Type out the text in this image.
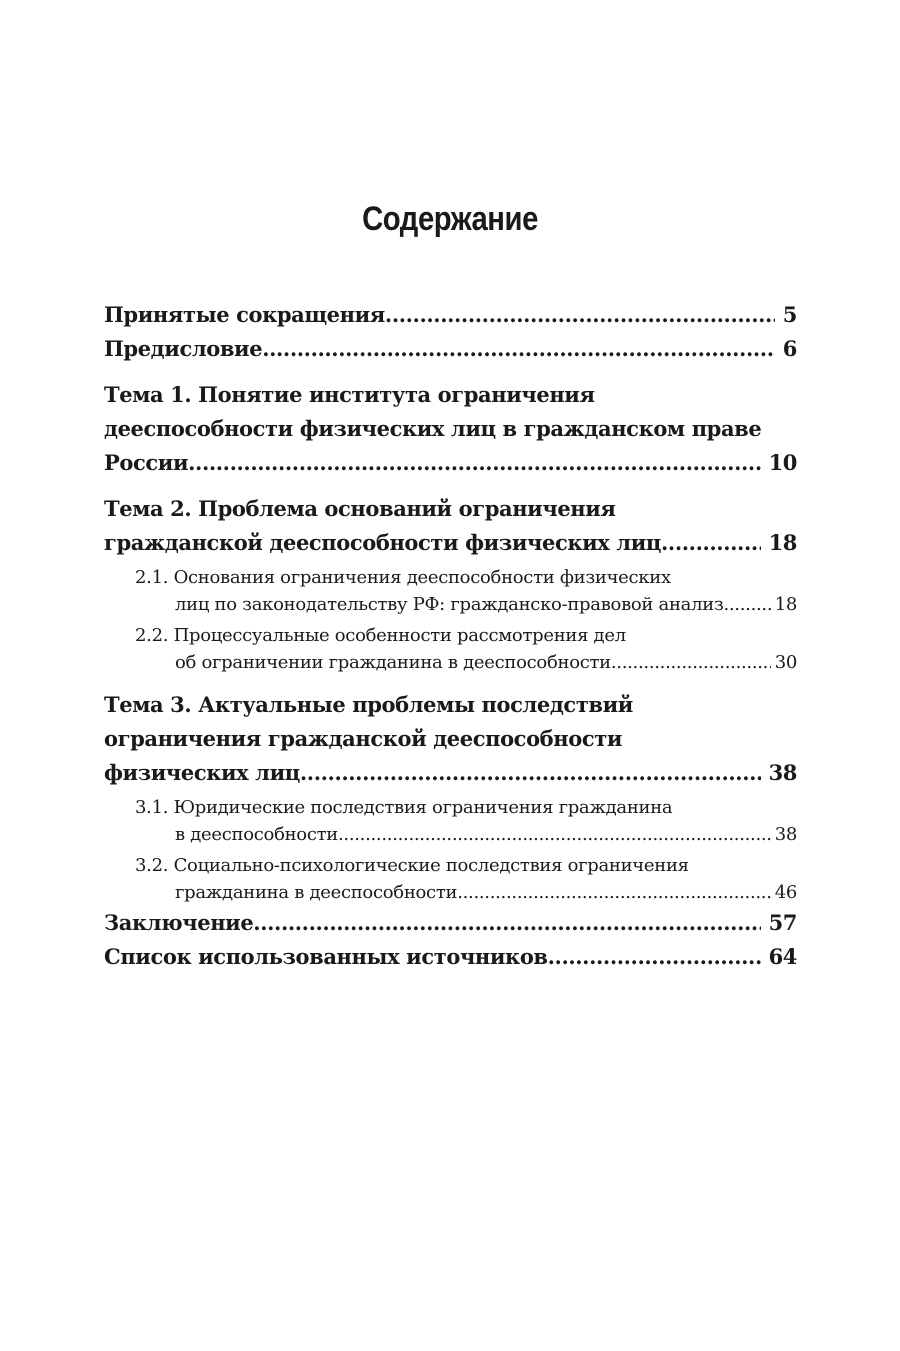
Содержание
Принятые сокращения .....	5
Предисловие .....	6
Тема 1. Понятие института ограничения
дееспособности физических лиц в гражданском праве
России .....	10
Тема 2. Проблема оснований ограничения
гражданской дееспособности физических лиц .....	18
2.1. Основания ограничения дееспособности физических
лиц по законодательству РФ: гражданско-правовой анализ .....	18
2.2. Процессуальные особенности рассмотрения дел
об ограничении гражданина в дееспособности .....	30
Тема 3. Актуальные проблемы последствий
ограничения гражданской дееспособности
физических лиц .....	38
3.1. Юридические последствия ограничения гражданина
в дееспособности .....	38
3.2. Социально-психологические последствия ограничения
гражданина в дееспособности .....	46
Заключение .....	57
Список использованных источников .....	64
